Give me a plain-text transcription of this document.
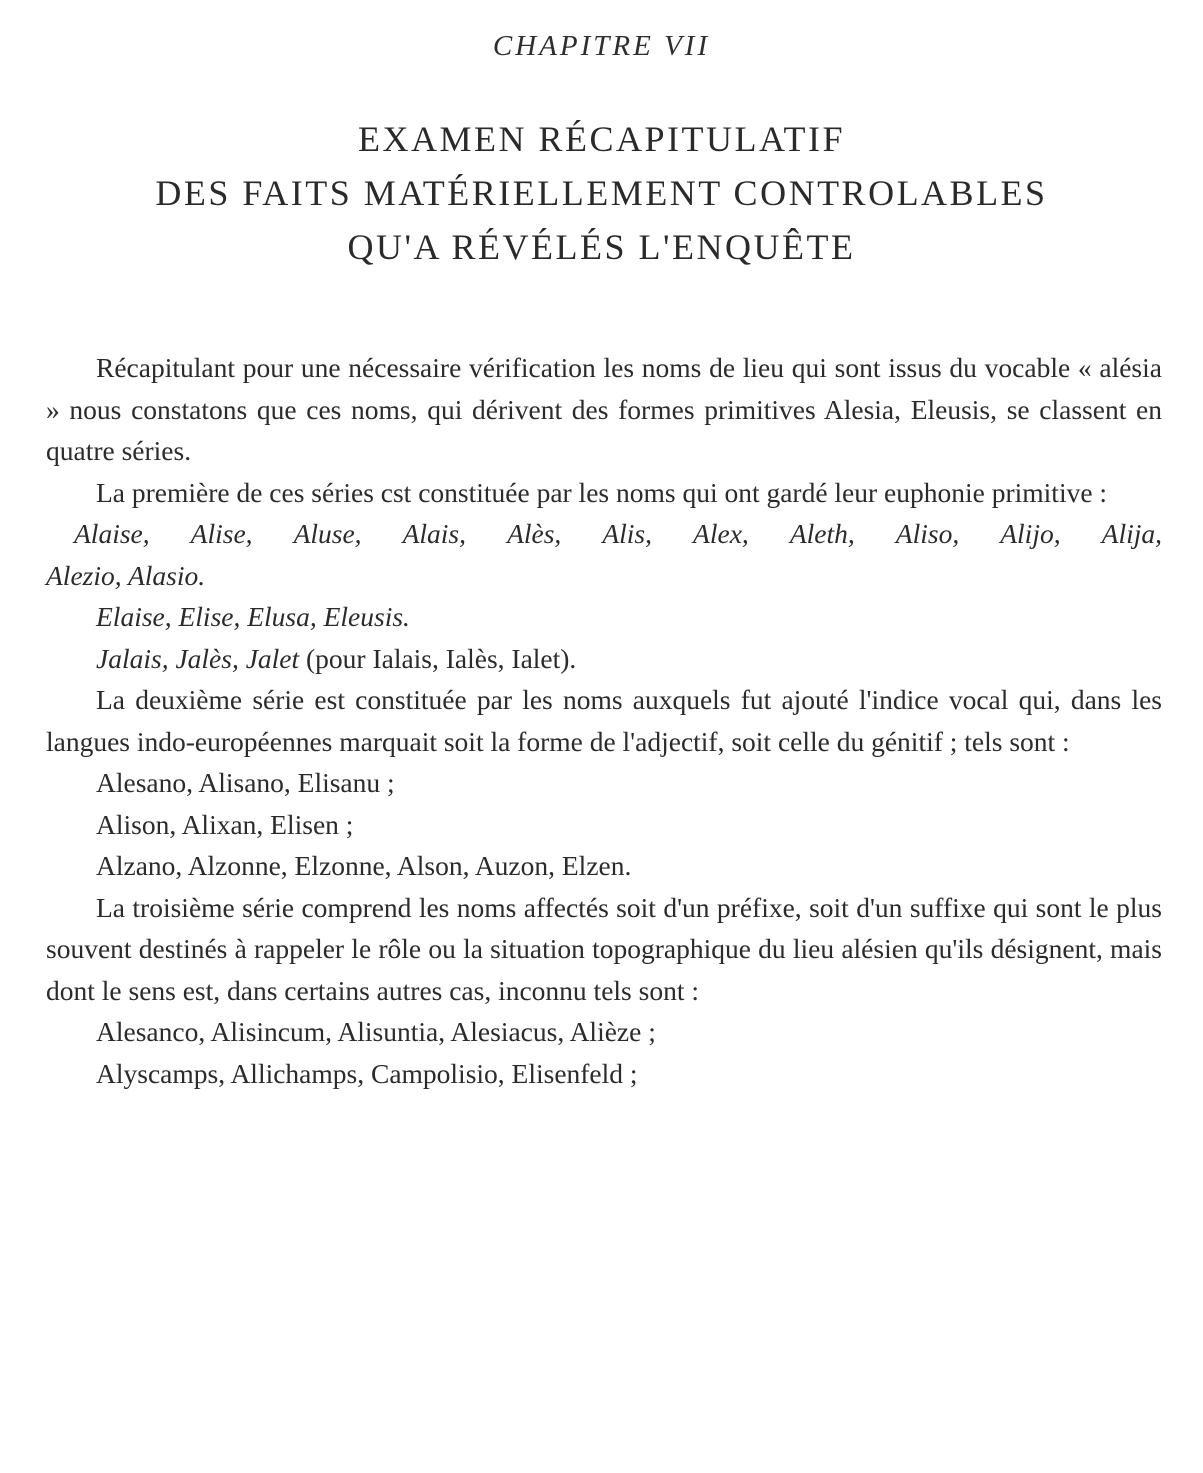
CHAPITRE VII
EXAMEN RÉCAPITULATIF
DES FAITS MATÉRIELLEMENT CONTROLABLES
QU'A RÉVÉLÉS L'ENQUÊTE

Récapitulant pour une nécessaire vérification les noms de lieu qui sont issus du vocable « alésia » nous constatons que ces noms, qui dérivent des formes primitives Alesia, Eleusis, se classent en quatre séries.

La première de ces séries cst constituée par les noms qui ont gardé leur euphonie primitive :

Alaise, Alise, Aluse, Alais, Alès, Alis, Alex, Aleth, Aliso, Alijo, Alija,

Alezio, Alasio.

Elaise, Elise, Elusa, Eleusis.

Jalais, Jalès, Jalet (pour Ialais, Ialès, Ialet).

La deuxième série est constituée par les noms auxquels fut ajouté l'indice vocal qui, dans les langues indo-européennes marquait soit la forme de l'adjectif, soit celle du génitif ; tels sont :

Alesano, Alisano, Elisanu ;

Alison, Alixan, Elisen ;

Alzano, Alzonne, Elzonne, Alson, Auzon, Elzen.

La troisième série comprend les noms affectés soit d'un préfixe, soit d'un suffixe qui sont le plus souvent destinés à rappeler le rôle ou la situation topographique du lieu alésien qu'ils désignent, mais dont le sens est, dans certains autres cas, inconnu tels sont :

Alesanco, Alisincum, Alisuntia, Alesiacus, Alièze ;

Alyscamps, Allichamps, Campolisio, Elisenfeld ;
